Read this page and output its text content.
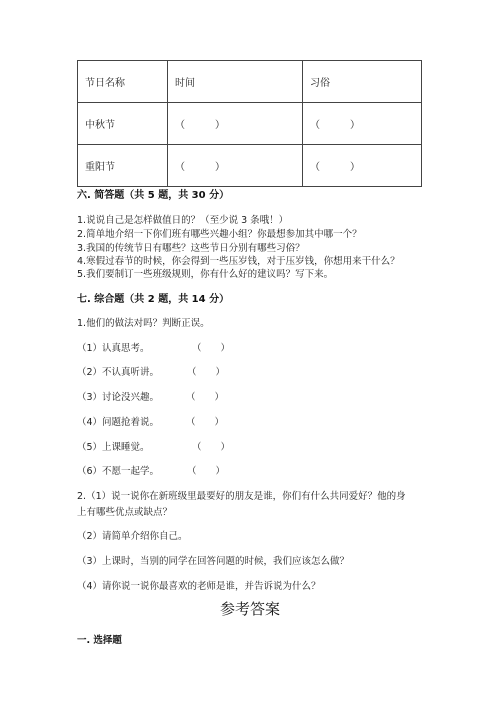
节日名称	时间	习俗
中秋节	（　　　）	（　　　）
重阳节	（　　　）	（　　　）
六. 简答题（共 5 题，共 30 分）
1.说说自己是怎样做值日的？（至少说 3 条哦！）
2.简单地介绍一下你们班有哪些兴趣小组？你最想参加其中哪一个？
3.我国的传统节日有哪些？这些节日分别有哪些习俗？
4.寒假过春节的时候，你会得到一些压岁钱，对于压岁钱，你想用来干什么？
5.我们要制订一些班级规则，你有什么好的建议吗？写下来。
七. 综合题（共 2 题，共 14 分）
1.他们的做法对吗？判断正误。
（1）认真思考。	（　　）
（2）不认真听讲。	（　　）
（3）讨论没兴趣。	（　　）
（4）问题抢着说。	（　　）
（5）上课睡觉。	（　　）
（6）不愿一起学。	（　　）
2.（1）说一说你在新班级里最要好的朋友是谁，你们有什么共同爱好？他的身
上有哪些优点或缺点？
（2）请简单介绍你自己。
（3）上课时，当别的同学在回答问题的时候，我们应该怎么做？
（4）请你说一说你最喜欢的老师是谁，并告诉说为什么？
参考答案
一. 选择题
